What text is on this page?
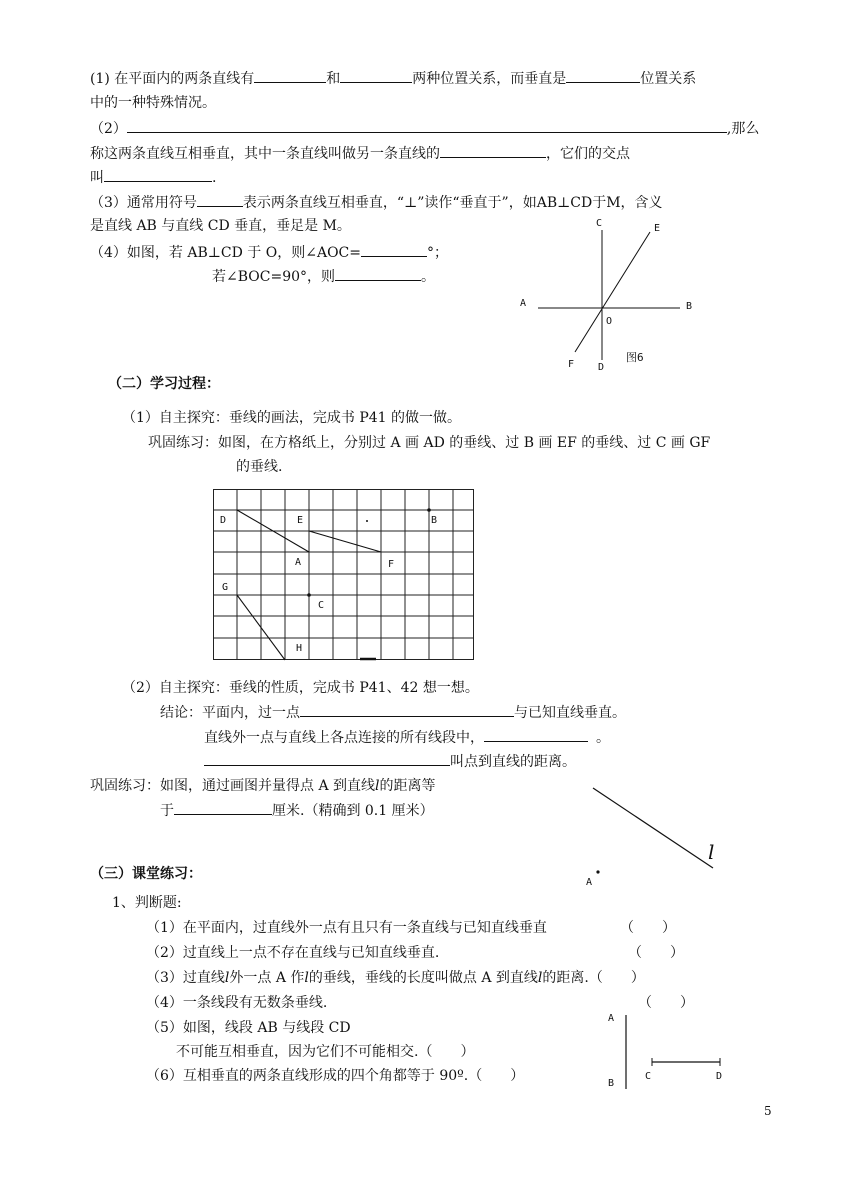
(1) 在平面内的两条直线有	和	两种位置关系，而垂直是	位置关系
中的一种特殊情况。
（2）	,那么
称这两条直线互相垂直，其中一条直线叫做另一条直线的	，它们的交点
叫	.
（3）通常用符号	表示两条直线互相垂直，“⊥”读作“垂直于”，如AB⊥CD于M，含义
是直线 AB 与直线 CD 垂直，垂足是 M。
（4）如图，若 AB⊥CD 于 O，则∠AOC=	°；
若∠BOC=90°，则	。
C	E
A	B
O
F D
图6
（二）学习过程：
（1）自主探究：垂线的画法，完成书 P41 的做一做。
巩固练习：如图，在方格纸上，分别过 A 画 AD 的垂线、过 B 画 EF 的垂线、过 C 画 GF
的垂线.
D	E	B
A	F
G
C
H
（2）自主探究：垂线的性质，完成书 P41、42 想一想。
结论：平面内，过一点	与已知直线垂直。
直线外一点与直线上各点连接的所有线段中，	。
叫点到直线的距离。
巩固练习：如图，通过画图并量得点 A 到直线l的距离等
于	厘米.（精确到 0.1 厘米）
l
A
（三）课堂练习：
1、判断题:
（1）在平面内，过直线外一点有且只有一条直线与已知直线垂直	（　　）
（2）过直线上一点不存在直线与已知直线垂直.	（　　）
（3）过直线l外一点 A 作l的垂线，垂线的长度叫做点 A 到直线l的距离.（　　）
（4）一条线段有无数条垂线.	（　　）
（5）如图，线段 AB 与线段 CD
不可能互相垂直，因为它们不可能相交.（　　）
（6）互相垂直的两条直线形成的四个角都等于 90º.（　　）
A
B
C	D
5
